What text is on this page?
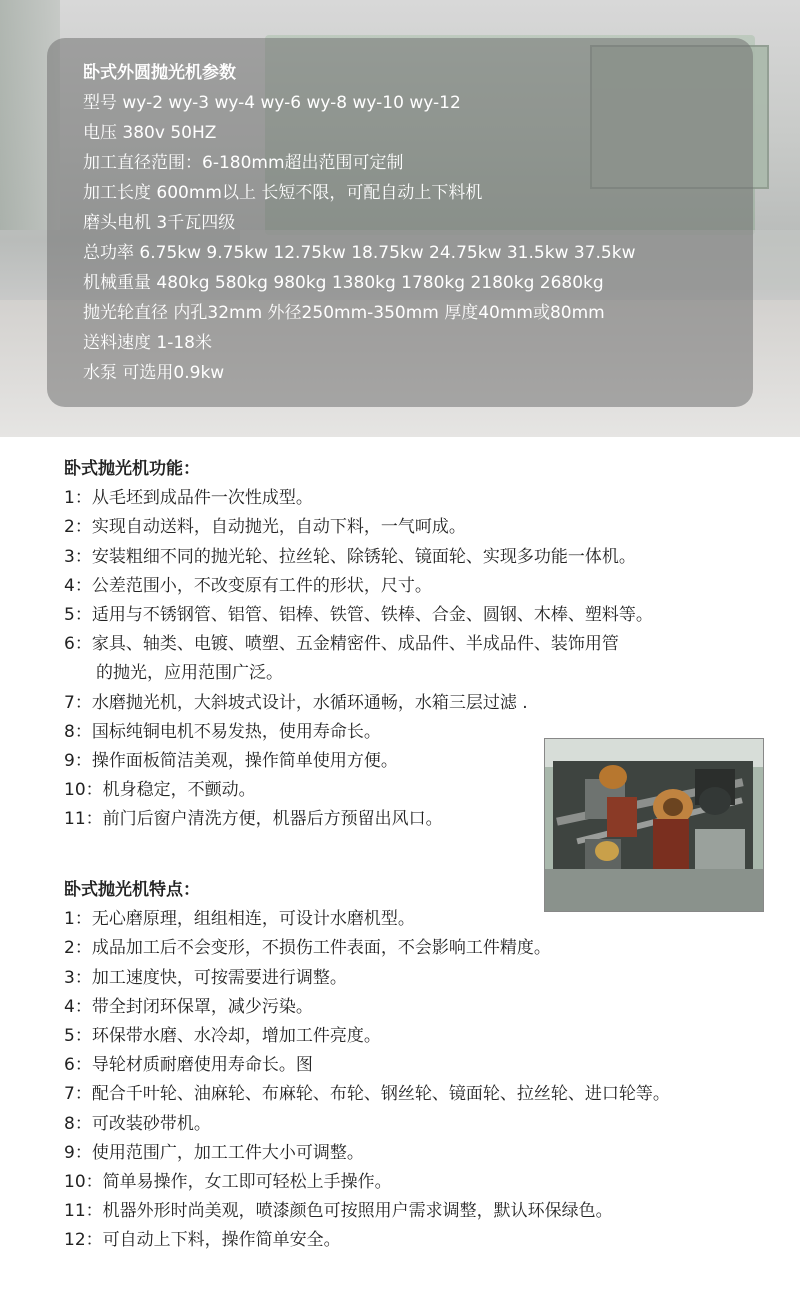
卧式外圆抛光机参数
型号 wy-2 wy-3 wy-4 wy-6 wy-8 wy-10 wy-12
电压 380v 50HZ
加工直径范围：6-180mm超出范围可定制
加工长度 600mm以上 长短不限，可配自动上下料机
磨头电机 3千瓦四级
总功率 6.75kw 9.75kw 12.75kw 18.75kw 24.75kw 31.5kw 37.5kw
机械重量 480kg 580kg 980kg 1380kg 1780kg 2180kg 2680kg
抛光轮直径 内孔32mm 外径250mm-350mm 厚度40mm或80mm
送料速度 1-18米
水泵 可选用0.9kw
卧式抛光机功能：
1：从毛坯到成品件一次性成型。
2：实现自动送料，自动抛光，自动下料，一气呵成。
3：安装粗细不同的抛光轮、拉丝轮、除锈轮、镜面轮、实现多功能一体机。
4：公差范围小，不改变原有工件的形状，尺寸。
5：适用与不锈钢管、铝管、铝棒、铁管、铁棒、合金、圆钢、木棒、塑料等。
6：家具、轴类、电镀、喷塑、五金精密件、成品件、半成品件、装饰用管
的抛光，应用范围广泛。
7：水磨抛光机，大斜坡式设计，水循环通畅，水箱三层过滤 .
8：国标纯铜电机不易发热，使用寿命长。
9：操作面板简洁美观，操作简单使用方便。
10：机身稳定，不颤动。
11：前门后窗户清洗方便，机器后方预留出风口。
卧式抛光机特点：
1：无心磨原理，组组相连，可设计水磨机型。
2：成品加工后不会变形，不损伤工件表面，不会影响工件精度。
3：加工速度快，可按需要进行调整。
4：带全封闭环保罩，减少污染。
5：环保带水磨、水冷却，增加工件亮度。
6：导轮材质耐磨使用寿命长。图
7：配合千叶轮、油麻轮、布麻轮、布轮、钢丝轮、镜面轮、拉丝轮、进口轮等。
8：可改装砂带机。
9：使用范围广，加工工件大小可调整。
10：简单易操作，女工即可轻松上手操作。
11：机器外形时尚美观，喷漆颜色可按照用户需求调整，默认环保绿色。
12：可自动上下料，操作简单安全。
